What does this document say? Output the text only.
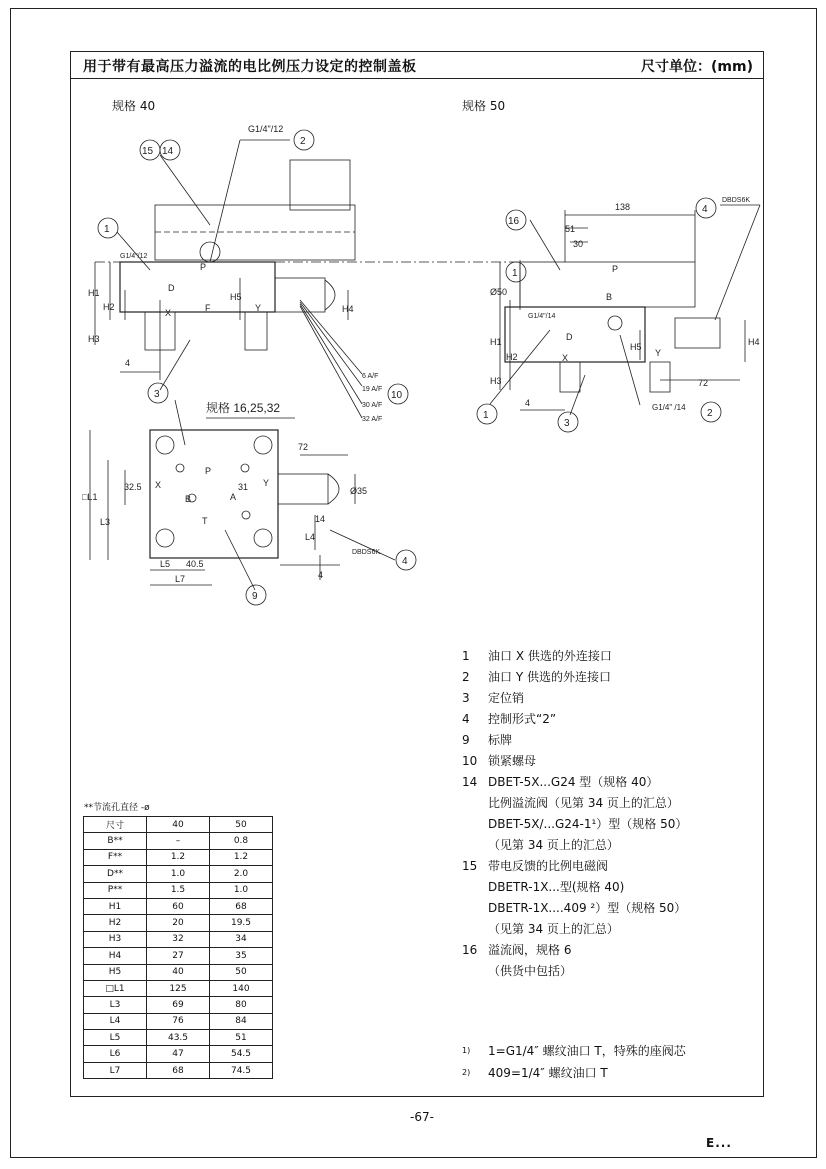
用于带有最高压力溢流的电比例压力设定的控制盖板	尺寸单位：(mm)
规格 40	规格 50
P
D
X	F	Y
H1
H2
H3
H4
H5
4
G1/4"/12
G1/4"/12
6 A/F
19 A/F
30 A/F
32 A/F
138
51
30
72
4
P
B
D
X	Y
H1
H2
H3
H4
H5
Ø50
G1/4" /14
G1/4"/14
DBDS6K
规格 16,25,32
72
Ø35
14
4
□L1
L3
L5
L7
L4
40.5
32.5	31
P
X
B	A
Y
T
DBDS6K
2
15 14
1
3	10
16
4
1
1
3
2
4
9
1 油口 X 供选的外连接口
2 油口 Y 供选的外连接口
3 定位销
4 控制形式“2”
9 标牌
10 锁紧螺母
14 DBET-5X...G24 型（规格 40）
比例溢流阀（见第 34 页上的汇总）
DBET-5X/...G24-1¹）型（规格 50）
（见第 34 页上的汇总）
15 带电反馈的比例电磁阀
DBETR-1X...型(规格 40)
DBETR-1X....409 ²）型（规格 50）
（见第 34 页上的汇总）
16 溢流阀，规格 6
（供货中包括）
1) 1=G1/4″ 螺纹油口 T，特殊的座阀芯
2) 409=1/4″ 螺纹油口 T
**节流孔直径 -ø
尺寸	40	50
B**	–	0.8
F**	1.2	1.2
D**	1.0	2.0
P**	1.5	1.0
H1	60	68
H2	20	19.5
H3	32	34
H4	27	35
H5	40	50
□L1	125	140
L3	69	80
L4	76	84
L5	43.5	51
L6	47	54.5
L7	68	74.5
-67-
E...
